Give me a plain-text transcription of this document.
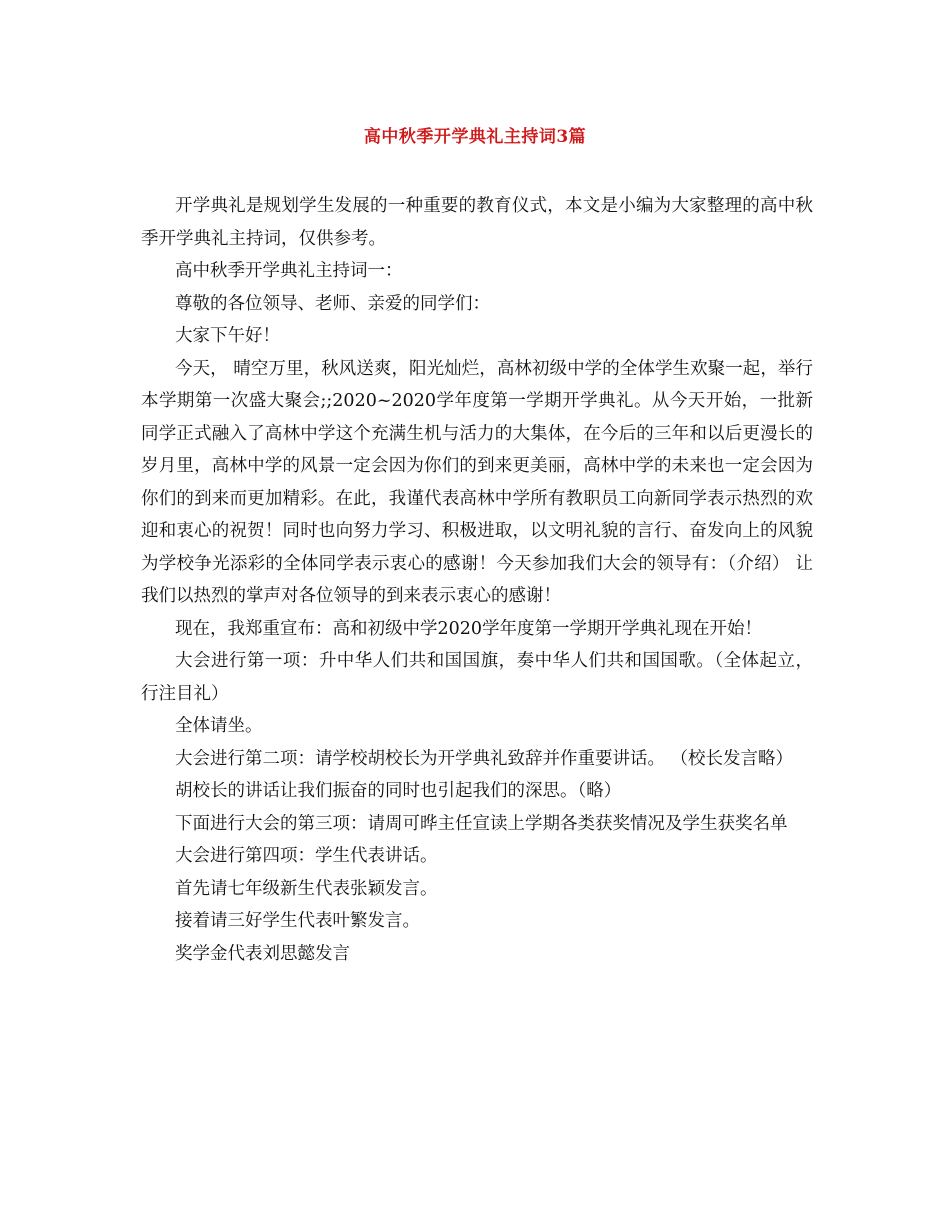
高中秋季开学典礼主持词3篇

开学典礼是规划学生发展的一种重要的教育仪式，本文是小编为大家整理的高中秋季开学典礼主持词，仅供参考。

高中秋季开学典礼主持词一：

尊敬的各位领导、老师、亲爱的同学们：

大家下午好！

今天， 晴空万里，秋风送爽，阳光灿烂，高林初级中学的全体学生欢聚一起，举行本学期第一次盛大聚会;;2020~2020学年度第一学期开学典礼。从今天开始，一批新同学正式融入了高林中学这个充满生机与活力的大集体，在今后的三年和以后更漫长的岁月里，高林中学的风景一定会因为你们的到来更美丽，高林中学的未来也一定会因为你们的到来而更加精彩。在此，我谨代表高林中学所有教职员工向新同学表示热烈的欢迎和衷心的祝贺！同时也向努力学习、积极进取，以文明礼貌的言行、奋发向上的风貌为学校争光添彩的全体同学表示衷心的感谢！今天参加我们大会的领导有：（介绍） 让我们以热烈的掌声对各位领导的到来表示衷心的感谢！

现在，我郑重宣布：高和初级中学2020学年度第一学期开学典礼现在开始！

大会进行第一项：升中华人们共和国国旗，奏中华人们共和国国歌。（全体起立，行注目礼）

全体请坐。

大会进行第二项：请学校胡校长为开学典礼致辞并作重要讲话。 （校长发言略）

胡校长的讲话让我们振奋的同时也引起我们的深思。（略）

下面进行大会的第三项：请周可晔主任宣读上学期各类获奖情况及学生获奖名单

大会进行第四项：学生代表讲话。

首先请七年级新生代表张颖发言。

接着请三好学生代表叶繁发言。

奖学金代表刘思懿发言
